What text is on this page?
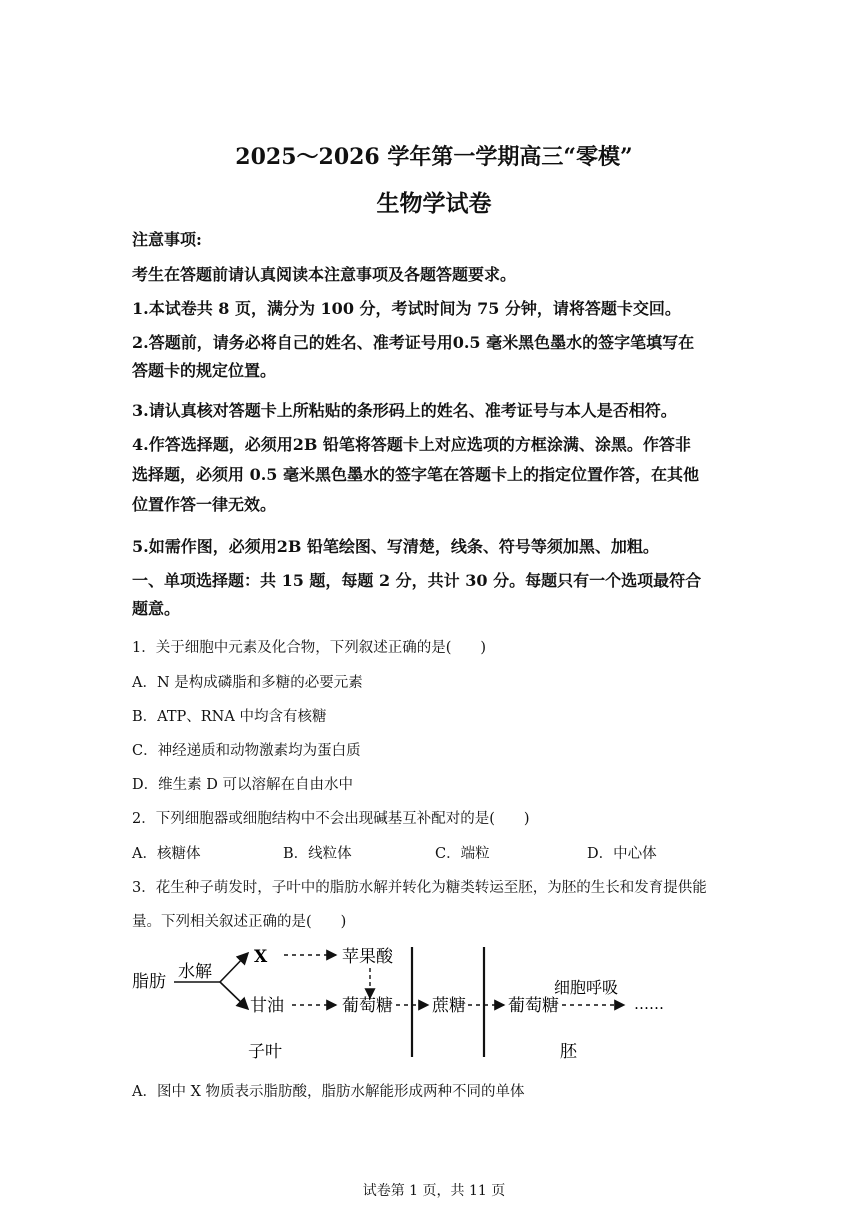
2025～2026 学年第一学期高三“零模”
生物学试卷
注意事项:
考生在答题前请认真阅读本注意事项及各题答题要求。
1.本试卷共 8 页，满分为 100 分，考试时间为 75 分钟，请将答题卡交回。
2.答题前，请务必将自己的姓名、准考证号用0.5 毫米黑色墨水的签字笔填写在
答题卡的规定位置。
3.请认真核对答题卡上所粘贴的条形码上的姓名、准考证号与本人是否相符。
4.作答选择题，必须用2B 铅笔将答题卡上对应选项的方框涂满、涂黑。作答非
选择题，必须用 0.5 毫米黑色墨水的签字笔在答题卡上的指定位置作答，在其他
位置作答一律无效。
5.如需作图，必须用2B 铅笔绘图、写清楚，线条、符号等须加黑、加粗。
一、单项选择题：共 15 题，每题 2 分，共计 30 分。每题只有一个选项最符合
题意。
1．关于细胞中元素及化合物，下列叙述正确的是(　　)
A．N 是构成磷脂和多糖的必要元素
B．ATP、RNA 中均含有核糖
C．神经递质和动物激素均为蛋白质
D．维生素 D 可以溶解在自由水中
2．下列细胞器或细胞结构中不会出现碱基互补配对的是(　　)
A．核糖体	B．线粒体	C．端粒	D．中心体
3．花生种子萌发时，子叶中的脂肪水解并转化为糖类转运至胚，为胚的生长和发育提供能
量。下列相关叙述正确的是(　　)
脂肪 水解
X	苹果酸
甘油	葡萄糖 蔗糖 葡萄糖
细胞呼吸
……
子叶	胚
A．图中 X 物质表示脂肪酸，脂肪水解能形成两种不同的单体
试卷第 1 页，共 11 页
